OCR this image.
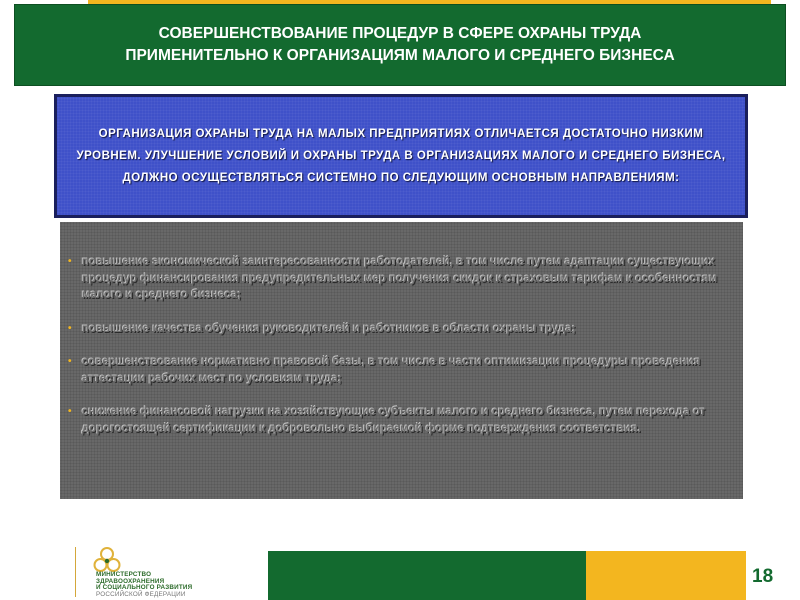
СОВЕРШЕНСТВОВАНИЕ ПРОЦЕДУР В СФЕРЕ ОХРАНЫ ТРУДА
ПРИМЕНИТЕЛЬНО К ОРГАНИЗАЦИЯМ МАЛОГО И СРЕДНЕГО БИЗНЕСА
ОРГАНИЗАЦИЯ ОХРАНЫ ТРУДА НА МАЛЫХ ПРЕДПРИЯТИЯХ ОТЛИЧАЕТСЯ ДОСТАТОЧНО НИЗКИМ УРОВНЕМ. УЛУЧШЕНИЕ УСЛОВИЙ И ОХРАНЫ ТРУДА В ОРГАНИЗАЦИЯХ МАЛОГО И СРЕДНЕГО БИЗНЕСА, ДОЛЖНО ОСУЩЕСТВЛЯТЬСЯ СИСТЕМНО ПО СЛЕДУЮЩИМ ОСНОВНЫМ НАПРАВЛЕНИЯМ:
• повышение экономической заинтересованности работодателей, в том числе путем адаптации существующих процедур финансирования предупредительных мер получения скидок к страховым тарифам к особенностям малого и среднего бизнеса;
• повышение качества обучения руководителей и работников в области охраны труда;
• совершенствование нормативно правовой базы, в том числе в части оптимизации процедуры проведения аттестации рабочих мест по условиям труда;
• снижение финансовой нагрузки на хозяйствующие субъекты малого и среднего бизнеса, путем перехода от дорогостоящей сертификации к добровольно выбираемой форме подтверждения соответствия.
МИНИСТЕРСТВО
ЗДРАВООХРАНЕНИЯ
И СОЦИАЛЬНОГО РАЗВИТИЯ
РОССИЙСКОЙ ФЕДЕРАЦИИ
18
